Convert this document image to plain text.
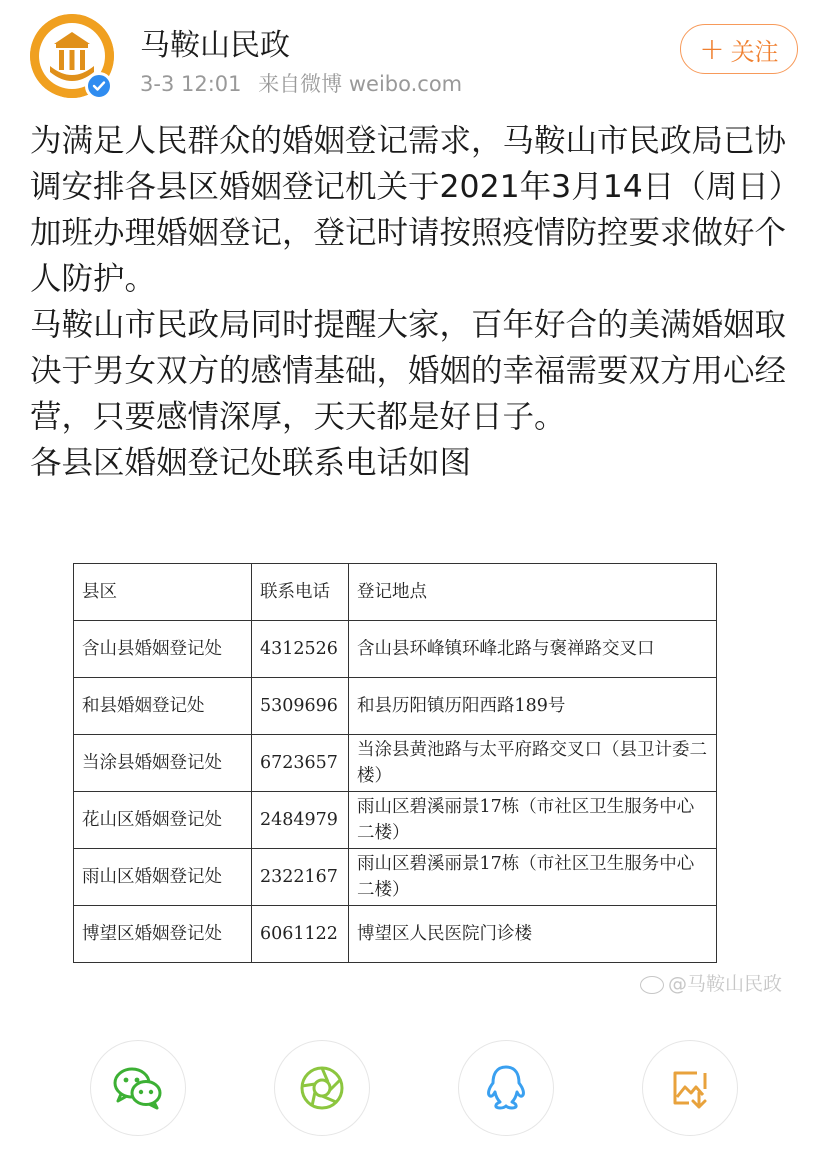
马鞍山民政
3-3 12:01 来自微博 weibo.com
+ 关注

为满足人民群众的婚姻登记需求，马鞍山市民政局已协调安排各县区婚姻登记机关于2021年3月14日（周日）加班办理婚姻登记，登记时请按照疫情防控要求做好个人防护。

马鞍山市民政局同时提醒大家，百年好合的美满婚姻取决于男女双方的感情基础，婚姻的幸福需要双方用心经营，只要感情深厚，天天都是好日子。

各县区婚姻登记处联系电话如图

县区	联系电话	登记地点
含山县婚姻登记处	4312526	含山县环峰镇环峰北路与褒禅路交叉口
和县婚姻登记处	5309696	和县历阳镇历阳西路189号
当涂县婚姻登记处	6723657	当涂县黄池路与太平府路交叉口（县卫计委二楼）
花山区婚姻登记处	2484979	雨山区碧溪丽景17栋（市社区卫生服务中心二楼）
雨山区婚姻登记处	2322167	雨山区碧溪丽景17栋（市社区卫生服务中心二楼）
博望区婚姻登记处	6061122	博望区人民医院门诊楼
@马鞍山民政
